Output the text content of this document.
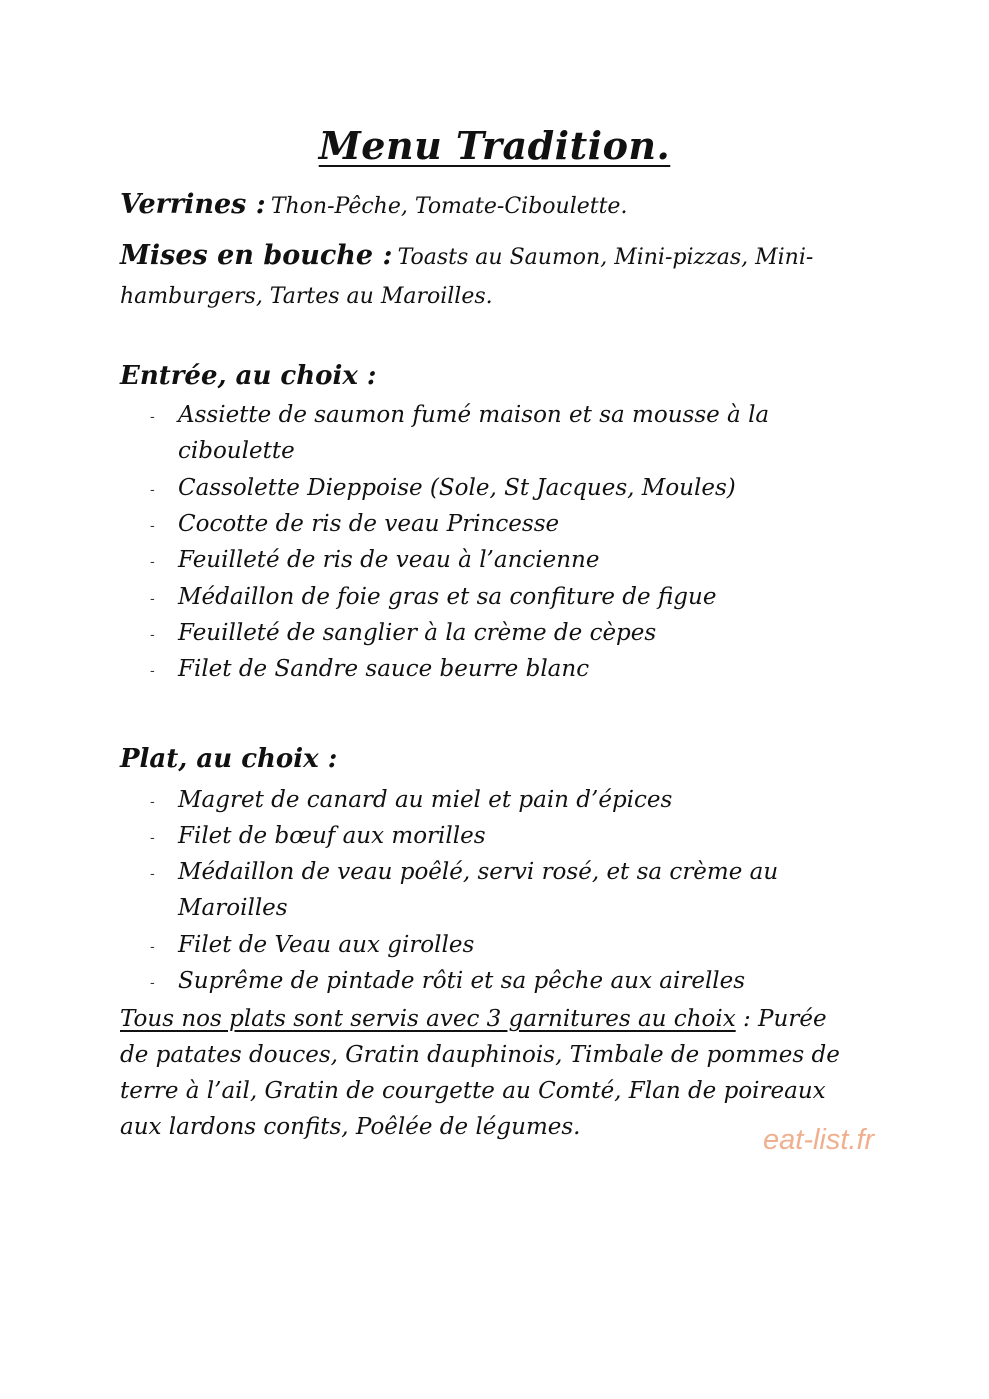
Menu Tradition.
Verrines : Thon-Pêche, Tomate-Ciboulette.
Mises en bouche : Toasts au Saumon, Mini-pizzas, Mini-
hamburgers, Tartes au Maroilles.
Entrée, au choix :
- Assiette de saumon fumé maison et sa mousse à la
ciboulette
- Cassolette Dieppoise (Sole, St Jacques, Moules)
- Cocotte de ris de veau Princesse
- Feuilleté de ris de veau à l’ancienne
- Médaillon de foie gras et sa confiture de figue
- Feuilleté de sanglier à la crème de cèpes
- Filet de Sandre sauce beurre blanc
Plat, au choix :
- Magret de canard au miel et pain d’épices
- Filet de bœuf aux morilles
- Médaillon de veau poêlé, servi rosé, et sa crème au
Maroilles
- Filet de Veau aux girolles
- Suprême de pintade rôti et sa pêche aux airelles
Tous nos plats sont servis avec 3 garnitures au choix : Purée
de patates douces, Gratin dauphinois, Timbale de pommes de
terre à l’ail, Gratin de courgette au Comté, Flan de poireaux
aux lardons confits, Poêlée de légumes.	eat-list.fr
